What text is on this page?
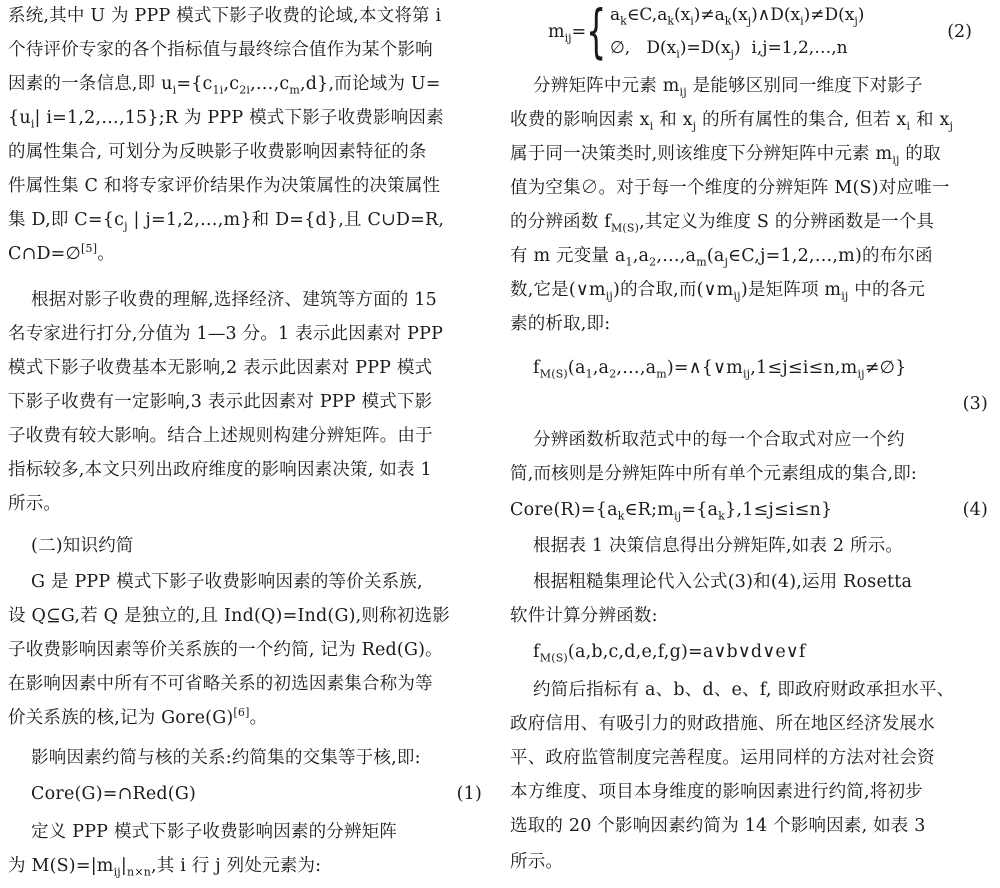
系统,其中 U 为 PPP 模式下影子收费的论域,本文将第 i
个待评价专家的各个指标值与最终综合值作为某个影响
因素的一条信息,即 $u_i=\{c_{1i},c_{2i},\dots,c_m,d\}$,而论域为 U=
{$u_i|$ i=1,2,…,15};R 为 PPP 模式下影子收费影响因素
的属性集合, 可划分为反映影子收费影响因素特征的条
件属性集 C 和将专家评价结果作为决策属性的决策属性
集 D,即 $C=\{c_j$ | j=1,2,…,m}和 D={d},且 C∪D=R,
C∩D=∅[5]。
根据对影子收费的理解,选择经济、建筑等方面的 15
名专家进行打分,分值为 1—3 分。1 表示此因素对 PPP
模式下影子收费基本无影响,2 表示此因素对 PPP 模式
下影子收费有一定影响,3 表示此因素对 PPP 模式下影
子收费有较大影响。结合上述规则构建分辨矩阵。由于
指标较多,本文只列出政府维度的影响因素决策, 如表 1
所示。
(二)知识约简
G 是 PPP 模式下影子收费影响因素的等价关系族,
设 Q⊆G,若 Q 是独立的,且 Ind(Q)=Ind(G),则称初选影
子收费影响因素等价关系族的一个约简, 记为 Red(G)。
在影响因素中所有不可省略关系的初选因素集合称为等
价关系族的核,记为 Gore(G)[6]。
影响因素约简与核的关系:约简集的交集等于核,即:
Core(G)=∩Red(G)	(1)
定义 PPP 模式下影子收费影响因素的分辨矩阵
为 $M(S)=|m_{ij}|_{n\times n}$,其 i 行 j 列处元素为:
$m_{ij}=$ { $a_k\in C,a_k(x_i)\ne a_k(x_j)\wedge D(x_i)\ne D(x_j)$
∅,   $D(x_i)=D(x_j)$  i,j=1,2,…,n
(2)
分辨矩阵中元素 $m_{ij}$ 是能够区别同一维度下对影子
收费的影响因素 $x_i$ 和 $x_j$ 的所有属性的集合, 但若 $x_i$ 和 $x_j$
属于同一决策类时,则该维度下分辨矩阵中元素 $m_{ij}$ 的取
值为空集∅。对于每一个维度的分辨矩阵 M(S)对应唯一
的分辨函数 $f_{M(S)}$,其定义为维度 S 的分辨函数是一个具
有 m 元变量 $a_1,a_2,\dots,a_m(a_j\in C,j=1,2,\dots,m)$的布尔函
数,它是$(\vee m_{ij})$的合取,而$(\vee m_{ij})$是矩阵项 $m_{ij}$ 中的各元
素的析取,即:
$f_{M(S)}(a_1,a_2,\dots,a_m)=\wedge\{\vee m_{ij},1\le j\le i\le n,m_{ij}\ne\emptyset\}$
(3)
分辨函数析取范式中的每一个合取式对应一个约
简,而核则是分辨矩阵中所有单个元素组成的集合,即:
$Core(R)=\{a_k\in R;m_{ij}=\{a_k\},1\le j\le i\le n\}$	(4)
根据表 1 决策信息得出分辨矩阵,如表 2 所示。
根据粗糙集理论代入公式(3)和(4),运用 Rosetta
软件计算分辨函数:
$f_{M(S)}(a,b,c,d,e,f,g)=a\vee b\vee d\vee e\vee f$
约简后指标有 a、b、d、e、f, 即政府财政承担水平、
政府信用、有吸引力的财政措施、所在地区经济发展水
平、政府监管制度完善程度。运用同样的方法对社会资
本方维度、项目本身维度的影响因素进行约简,将初步
选取的 20 个影响因素约简为 14 个影响因素, 如表 3
所示。
